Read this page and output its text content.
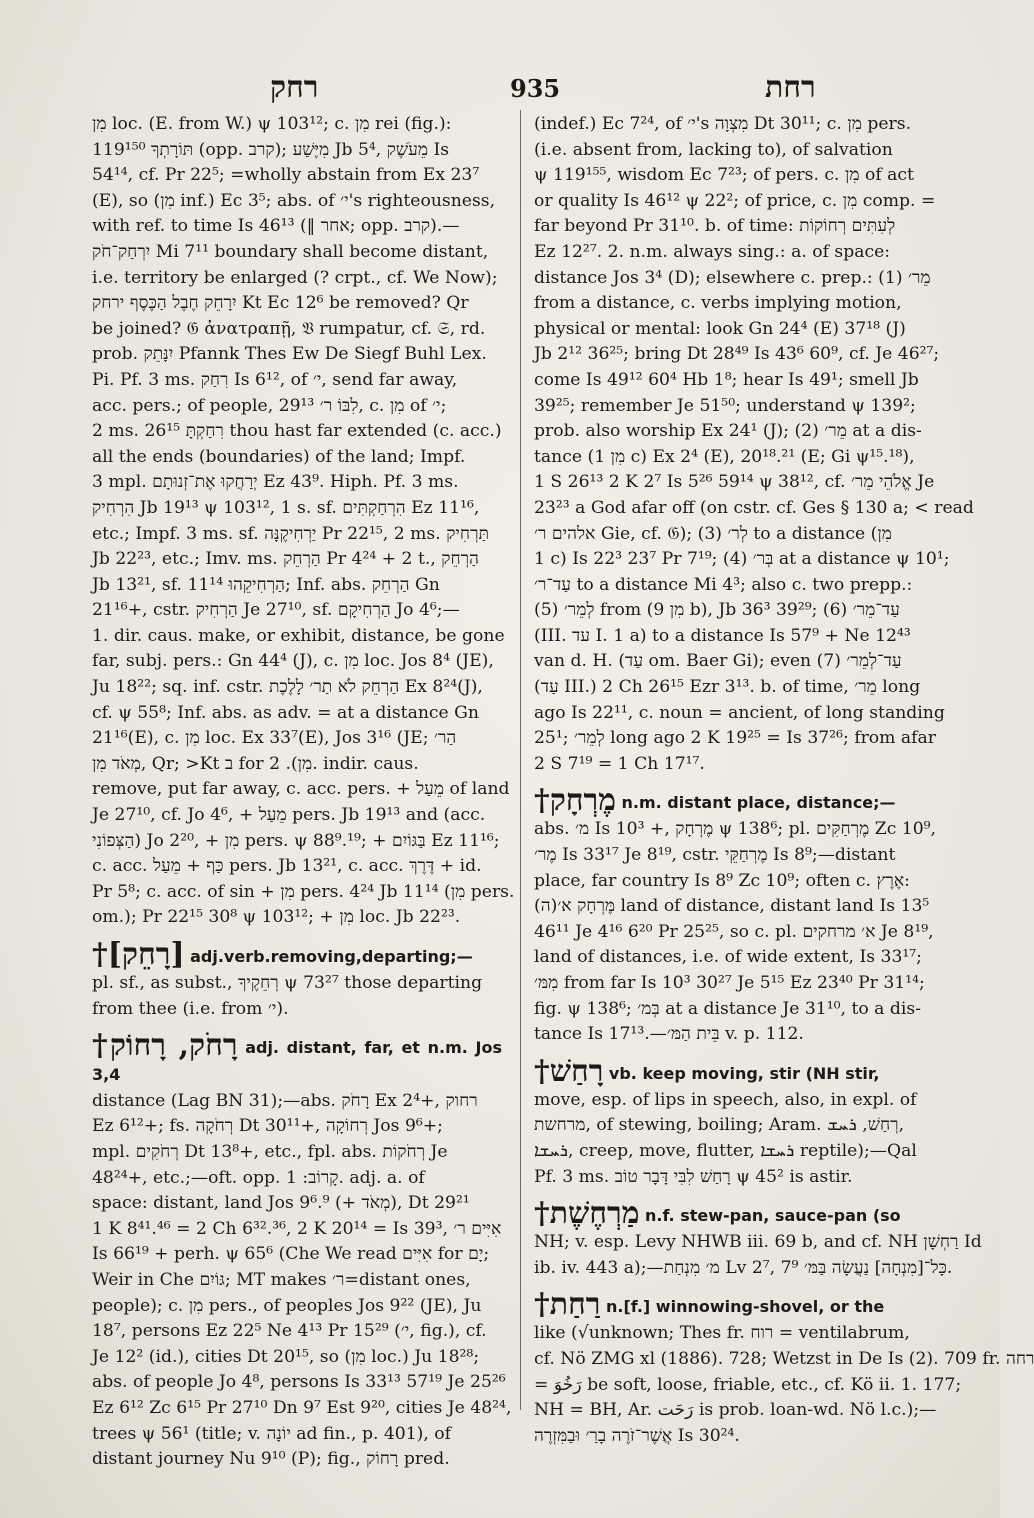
רחק	935	רחת
מִן loc. (E. from W.) ψ 103¹²; c. מִן rei (fig.):
תּוֹרָתְךָ 119¹⁵⁰ (opp. קרב); מִיֶּשַׁע Jb 5⁴, מֵעֹשֶׁק Is
54¹⁴, cf. Pr 22⁵; =wholly abstain from Ex 23⁷
(E), so (מִן inf.) Ec 3⁵; abs. of י׳'s righteousness,
with ref. to time Is 46¹³ (‖ אחר; opp. קרב).—
יִרְחַק־חֹק Mi 7¹¹ boundary shall become distant,
i.e. territory be enlarged (? crpt., cf. We Now);
יִרָחֵק חֶבֶל הַכֶּסֶף ירחק Kt Ec 12⁶ be removed? Qr
be joined? 𝔊 ἀνατραπῇ, 𝔙 rumpatur, cf. 𝔖, rd.
prob. יִנָּתֵק Pfannk Thes Ew De Siegf Buhl Lex.
Pi. Pf. 3 ms. רִחַק Is 6¹², of י׳, send far away,
acc. pers.; of people, לִבּוֹ ר׳ 29¹³, c. מִן of י׳;
2 ms. רִחַקְתָּ 26¹⁵ thou hast far extended (c. acc.)
all the ends (boundaries) of the land; Impf.
3 mpl. יְרַחֲקוּ אֶת־זְנוּתָם Ez 43⁹. Hiph. Pf. 3 ms.
הִרְחִיק Jb 19¹³ ψ 103¹², 1 s. sf. הִרְחַקְתִּים Ez 11¹⁶,
etc.; Impf. 3 ms. sf. יַרְחִיקֶנָּה Pr 22¹⁵, 2 ms. תַּרְחִיק
Jb 22²³, etc.; Imv. ms. הַרְחֵק Pr 4²⁴ + 2 t., הַרְחֵק
Jb 13²¹, sf. הַרְחִיקֵהוּ 11¹⁴; Inf. abs. הַרְחֵק Gn
21¹⁶+, cstr. הַרְחִיק Je 27¹⁰, sf. הַרְחִיקָם Jo 4⁶;—
1. dir. caus. make, or exhibit, distance, be gone
far, subj. pers.: Gn 44⁴ (J), c. מִן loc. Jos 8⁴ (JE),
Ju 18²²; sq. inf. cstr. הַרְחֵק לֹא תַר׳ לָלֶכֶת Ex 8²⁴(J),
cf. ψ 55⁸; Inf. abs. as adv. = at a distance Gn
21¹⁶(E), c. מִן loc. Ex 33⁷(E), Jos 3¹⁶ (JE; הַר׳
מְאֹד מִן, Qr; >Kt ב for מִן). 2. indir. caus.
remove, put far away, c. acc. pers. + מֵעַל of land
Je 27¹⁰, cf. Jo 4⁶, + מֵעַל pers. Jb 19¹³ and (acc.
הַצְּפוֹנִי) Jo 2²⁰, + מִן pers. ψ 88⁹.¹⁹; + בַּגּוֹיִם Ez 11¹⁶;
c. acc. כַּף + מֵעַל pers. Jb 13²¹, c. acc. דֶּרֶךְ + id.
Pr 5⁸; c. acc. of sin + מִן pers. 4²⁴ Jb 11¹⁴ (מִן pers.
om.); Pr 22¹⁵ 30⁸ ψ 103¹²; + מִן loc. Jb 22²³.
†[רָחֵק] adj.verb.removing,departing;—
pl. sf., as subst., רְחֵקֶיךָ ψ 73²⁷ those departing
from thee (i.e. from י׳).
†רָחֹק, רָחוֹק adj. distant, far, et n.m. Jos 3,4
distance (Lag BN 31);—abs. רָחֹק Ex 2⁴+, רחוק
Ez 6¹²+; fs. רְחֹקָה Dt 30¹¹+, רְחוֹקָה Jos 9⁶+;
mpl. רְחֹקִים Dt 13⁸+, etc., fpl. abs. רְחֹקוֹת Je
48²⁴+, etc.;—oft. opp. קָרוֹב: 1. adj. a. of
space: distant, land Jos 9⁶.⁹ (+ מְאֹד), Dt 29²¹
1 K 8⁴¹.⁴⁶ = 2 Ch 6³².³⁶, 2 K 20¹⁴ = Is 39³, אִיִּים ר׳
Is 66¹⁹ + perh. ψ 65⁶ (Che We read אִיִּים for יָם;
Weir in Che גּוֹיִם; MT makes ר׳=distant ones,
people); c. מִן pers., of peoples Jos 9²² (JE), Ju
18⁷, persons Ez 22⁵ Ne 4¹³ Pr 15²⁹ (י׳, fig.), cf.
Je 12² (id.), cities Dt 20¹⁵, so (מִן loc.) Ju 18²⁸;
abs. of people Jo 4⁸, persons Is 33¹³ 57¹⁹ Je 25²⁶
Ez 6¹² Zc 6¹⁵ Pr 27¹⁰ Dn 9⁷ Est 9²⁰, cities Je 48²⁴,
trees ψ 56¹ (title; v. יוֹנָה ad fin., p. 401), of
distant journey Nu 9¹⁰ (P); fig., רָחוֹק pred.
(indef.) Ec 7²⁴, of י׳'s מִצְוָה Dt 30¹¹; c. מִן pers.
(i.e. absent from, lacking to), of salvation
ψ 119¹⁵⁵, wisdom Ec 7²³; of pers. c. מִן of act
or quality Is 46¹² ψ 22²; of price, c. מִן comp. =
far beyond Pr 31¹⁰. b. of time: לְעִתִּים רְחוֹקוֹת
Ez 12²⁷. 2. n.m. always sing.: a. of space:
distance Jos 3⁴ (D); elsewhere c. prep.: (1) מֵר׳
from a distance, c. verbs implying motion,
physical or mental: look Gn 24⁴ (E) 37¹⁸ (J)
Jb 2¹² 36²⁵; bring Dt 28⁴⁹ Is 43⁶ 60⁹, cf. Je 46²⁷;
come Is 49¹² 60⁴ Hb 1⁸; hear Is 49¹; smell Jb
39²⁵; remember Je 51⁵⁰; understand ψ 139²;
prob. also worship Ex 24¹ (J); (2) מֵר׳ at a dis-
tance (מִן 1 c) Ex 2⁴ (E), 20¹⁸.²¹ (E; Gi ψ¹⁵.¹⁸),
1 S 26¹³ 2 K 2⁷ Is 5²⁶ 59¹⁴ ψ 38¹², cf. אֱלֹהֵי מֵר׳ Je
23²³ a God afar off (on cstr. cf. Ges § 130 a; < read
אלהים ר׳ Gie, cf. 𝔊); (3) לְר׳ to a distance (מִן
1 c) Is 22³ 23⁷ Pr 7¹⁹; (4) בְּר׳ at a distance ψ 10¹;
עַד־ר׳ to a distance Mi 4³; also c. two prepp.:
(5) לְמֵר׳ from (מִן 9 b), Jb 36³ 39²⁹; (6) עַד־מֵר׳
(III. עד I. 1 a) to a distance Is 57⁹ + Ne 12⁴³
van d. H. (עַד om. Baer Gi); even (7) עַד־לְמֵר׳
(עַד III.) 2 Ch 26¹⁵ Ezr 3¹³. b. of time, מֵר׳ long
ago Is 22¹¹, c. noun = ancient, of long standing
25¹; לְמֵר׳ long ago 2 K 19²⁵ = Is 37²⁶; from afar
2 S 7¹⁹ = 1 Ch 17¹⁷.
†מֶרְחָק n.m. distant place, distance;—
abs. מ׳ Is 10³ +, מֶרְחָק ψ 138⁶; pl. מֶרְחַקִּים Zc 10⁹,
מֶר׳ Is 33¹⁷ Je 8¹⁹, cstr. מֶרְחַקֵּי Is 8⁹;—distant
place, far country Is 8⁹ Zc 10⁹; often c. אֶרֶץ:
(ה)מֶּרְחָק א׳ land of distance, distant land Is 13⁵
46¹¹ Je 4¹⁶ 6²⁰ Pr 25²⁵, so c. pl. א׳ מרחקים Je 8¹⁹,
land of distances, i.e. of wide extent, Is 33¹⁷;
מִמּ׳ from far Is 10³ 30²⁷ Je 5¹⁵ Ez 23⁴⁰ Pr 31¹⁴;
fig. ψ 138⁶; בְּמ׳ at a distance Je 31¹⁰, to a dis-
tance Is 17¹³.—בֵּית הַמּ׳ v. p. 112.
†רָחַשׁ vb. keep moving, stir (NH stir,
move, esp. of lips in speech, also, in expl. of
מרחשת, of stewing, boiling; Aram. רְחַשׁ, ܪܚܫ,
ܪܚܫܐ, creep, move, flutter, ܪܚܫܐ reptile);—Qal
Pf. 3 ms. רָחַשׁ לִבִּי דָּבָר טוֹב ψ 45² is astir.
†מַרְחֶשֶׁת n.f. stew-pan, sauce-pan (so
NH; v. esp. Levy NHWB iii. 69 b, and cf. NH רַחְשָׁן Id
ib. iv. 443 a);—מ׳ מִנְחַת Lv 2⁷, כָּל־[מִנְחָה] נַעֲשָׂה בַּמּ׳ 7⁹.
†רַחַת n.[f.] winnowing-shovel, or the
like (√unknown; Thes fr. רוח = ventilabrum,
cf. Nö ZMG xl (1886). 728; Wetzst in De Is (2). 709 fr. רחה
= رَخُوَ be soft, loose, friable, etc., cf. Kö ii. 1. 177;
NH = BH, Ar. رَحَت is prob. loan-wd. Nö l.c.);—
אֲשֶׁר־זֹרֶה בָרַ׳ וּבַמִּזְרֶה Is 30²⁴.
